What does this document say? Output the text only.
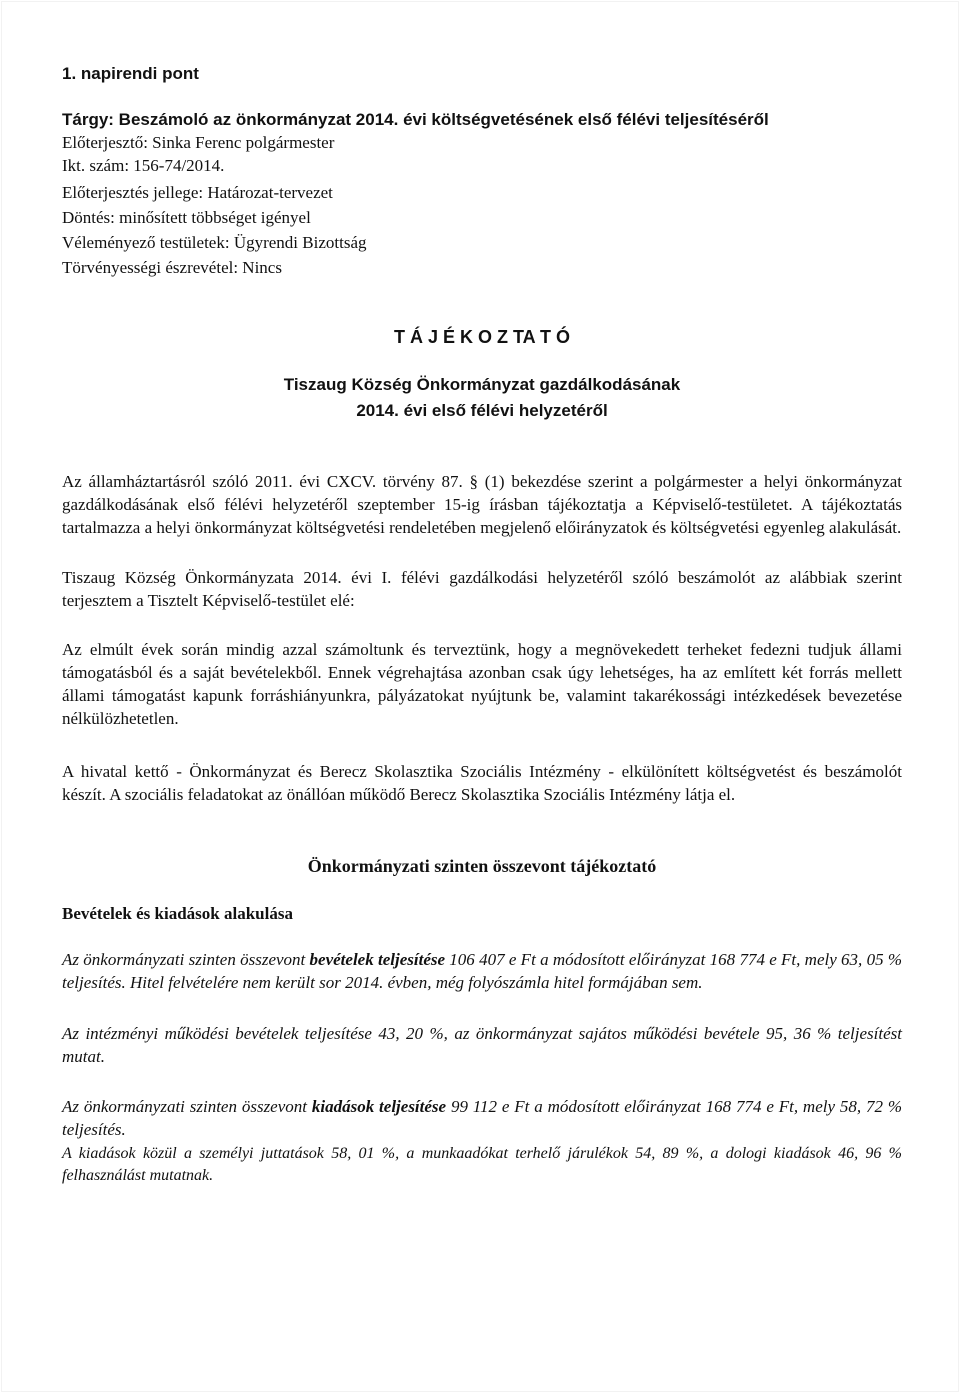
1. napirendi pont

Tárgy: Beszámoló az önkormányzat 2014. évi költségvetésének első félévi teljesítéséről

Előterjesztő: Sinka Ferenc polgármester

Ikt. szám: 156-74/2014.

Előterjesztés jellege: Határozat-tervezet

Döntés: minősített többséget igényel

Véleményező testületek: Ügyrendi Bizottság

Törvényességi észrevétel: Nincs

T Á J É K O Z TA T Ó

Tiszaug Község Önkormányzat gazdálkodásának

2014. évi első félévi helyzetéről

Az államháztartásról szóló 2011. évi CXCV. törvény 87. § (1) bekezdése szerint a polgármester a helyi önkormányzat gazdálkodásának első félévi helyzetéről szeptember 15-ig írásban tájékoztatja a Képviselő-testületet. A tájékoztatás tartalmazza a helyi önkormányzat költségvetési rendeletében megjelenő előirányzatok és költségvetési egyenleg alakulását.

Tiszaug Község Önkormányzata 2014. évi I. félévi gazdálkodási helyzetéről szóló beszámolót az alábbiak szerint terjesztem a Tisztelt Képviselő-testület elé:

Az elmúlt évek során mindig azzal számoltunk és terveztünk, hogy a megnövekedett terheket fedezni tudjuk állami támogatásból és a saját bevételekből. Ennek végrehajtása azonban csak úgy lehetséges, ha az említett két forrás mellett állami támogatást kapunk forráshiányunkra, pályázatokat nyújtunk be, valamint takarékossági intézkedések bevezetése nélkülözhetetlen.

A hivatal kettő - Önkormányzat és Berecz Skolasztika Szociális Intézmény - elkülönített költségvetést és beszámolót készít. A szociális feladatokat az önállóan működő Berecz Skolasztika Szociális Intézmény látja el.

Önkormányzati szinten összevont tájékoztató

Bevételek és kiadások alakulása

Az önkormányzati szinten összevont bevételek teljesítése 106 407 e Ft a módosított előirányzat 168 774 e Ft, mely 63, 05 % teljesítés. Hitel felvételére nem került sor 2014. évben, még folyószámla hitel formájában sem.

Az intézményi működési bevételek teljesítése 43, 20 %, az önkormányzat sajátos működési bevétele 95, 36 % teljesítést mutat.

Az önkormányzati szinten összevont kiadások teljesítése 99 112 e Ft a módosított előirányzat 168 774 e Ft, mely 58, 72 % teljesítés.

A kiadások közül a személyi juttatások 58, 01 %, a munkaadókat terhelő járulékok 54, 89 %, a dologi kiadások 46, 96 % felhasználást mutatnak.
